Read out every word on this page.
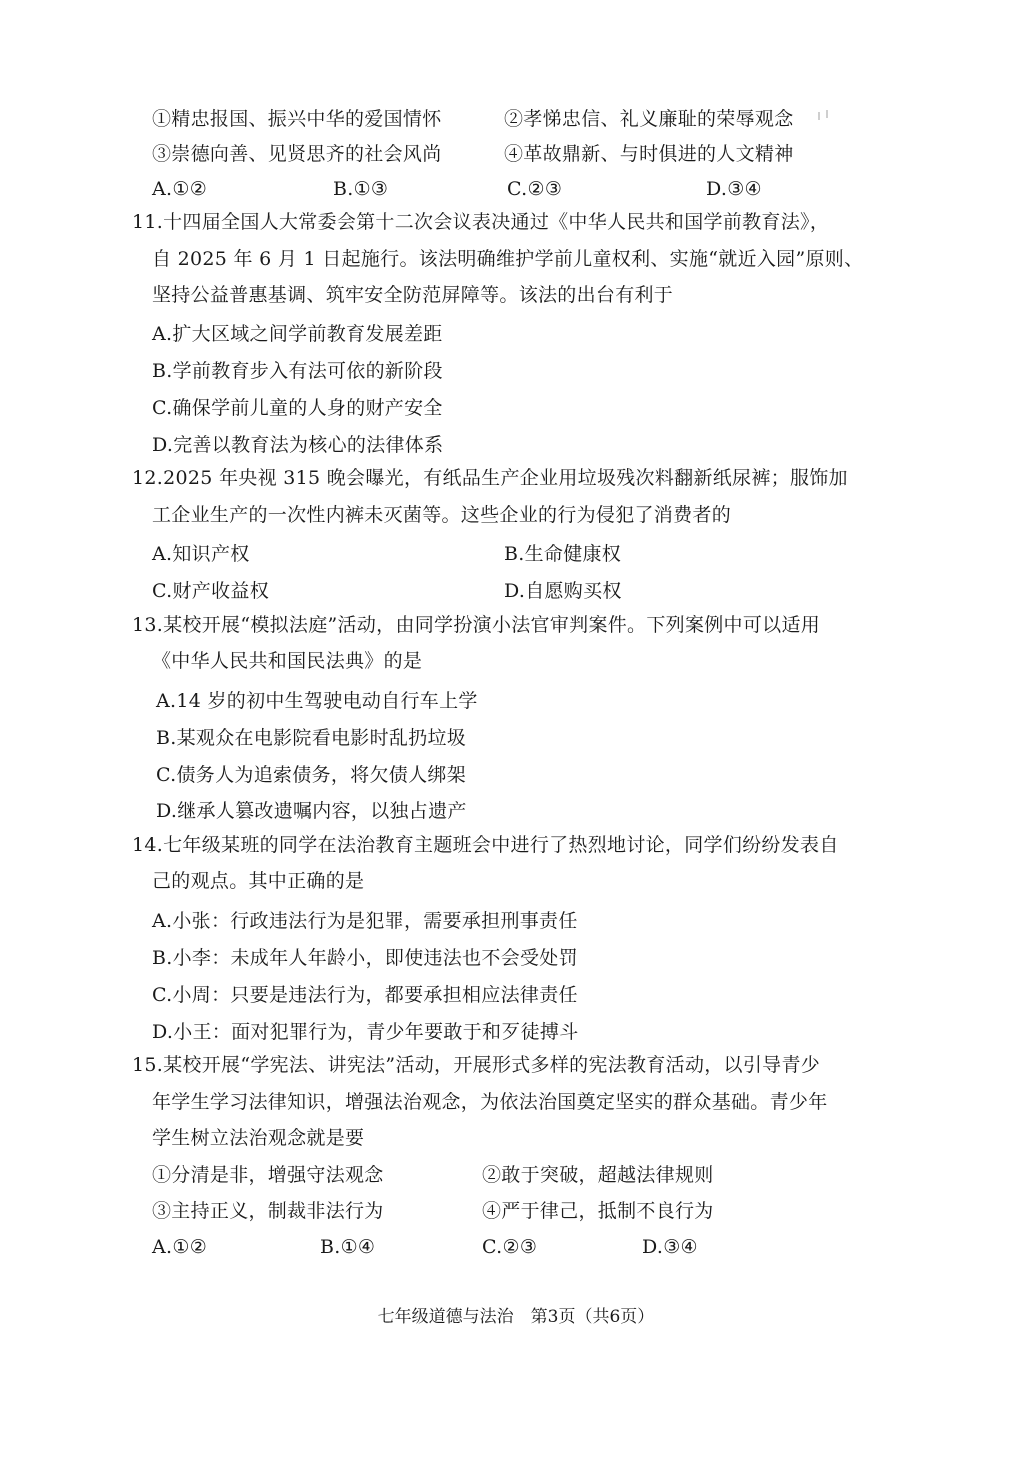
①精忠报国、振兴中华的爱国情怀	②孝悌忠信、礼义廉耻的荣辱观念
③崇德向善、见贤思齐的社会风尚	④革故鼎新、与时俱进的人文精神
A.①②	B.①③	C.②③	D.③④
11.十四届全国人大常委会第十二次会议表决通过《中华人民共和国学前教育法》，
自 2025 年 6 月 1 日起施行。该法明确维护学前儿童权利、实施“就近入园”原则、
坚持公益普惠基调、筑牢安全防范屏障等。该法的出台有利于
A.扩大区域之间学前教育发展差距
B.学前教育步入有法可依的新阶段
C.确保学前儿童的人身的财产安全
D.完善以教育法为核心的法律体系
12.2025 年央视 315 晚会曝光，有纸品生产企业用垃圾残次料翻新纸尿裤；服饰加
工企业生产的一次性内裤未灭菌等。这些企业的行为侵犯了消费者的
A.知识产权	B.生命健康权
C.财产收益权	D.自愿购买权
13.某校开展“模拟法庭”活动，由同学扮演小法官审判案件。下列案例中可以适用
《中华人民共和国民法典》的是
A.14 岁的初中生驾驶电动自行车上学
B.某观众在电影院看电影时乱扔垃圾
C.债务人为追索债务，将欠债人绑架
D.继承人篡改遗嘱内容，以独占遗产
14.七年级某班的同学在法治教育主题班会中进行了热烈地讨论，同学们纷纷发表自
己的观点。其中正确的是
A.小张：行政违法行为是犯罪，需要承担刑事责任
B.小李：未成年人年龄小，即使违法也不会受处罚
C.小周：只要是违法行为，都要承担相应法律责任
D.小王：面对犯罪行为，青少年要敢于和歹徒搏斗
15.某校开展“学宪法、讲宪法”活动，开展形式多样的宪法教育活动，以引导青少
年学生学习法律知识，增强法治观念，为依法治国奠定坚实的群众基础。青少年
学生树立法治观念就是要
①分清是非，增强守法观念	②敢于突破，超越法律规则
③主持正义，制裁非法行为	④严于律己，抵制不良行为
A.①②	B.①④	C.②③	D.③④
七年级道德与法治　第3页（共6页）
